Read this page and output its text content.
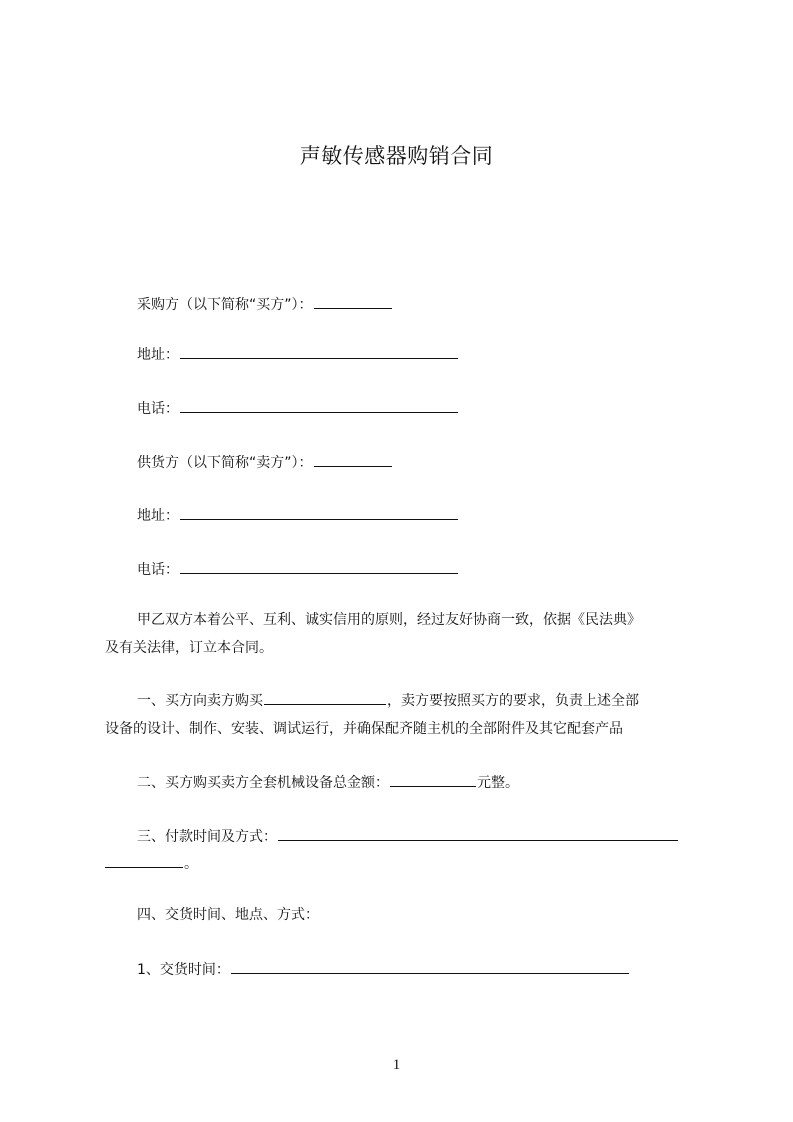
声敏传感器购销合同
采购方（以下简称“买方”）：
地址：
电话：
供货方（以下简称“卖方”）：
地址：
电话：
甲乙双方本着公平、互利、诚实信用的原则，经过友好协商一致，依据《民法典》
及有关法律，订立本合同。
一、买方向卖方购买	，卖方要按照买方的要求，负责上述全部
设备的设计、制作、安装、调试运行，并确保配齐随主机的全部附件及其它配套产品
二、买方购买卖方全套机械设备总金额：	元整。
三、付款时间及方式：
。
四、交货时间、地点、方式：
1、交货时间：
1
